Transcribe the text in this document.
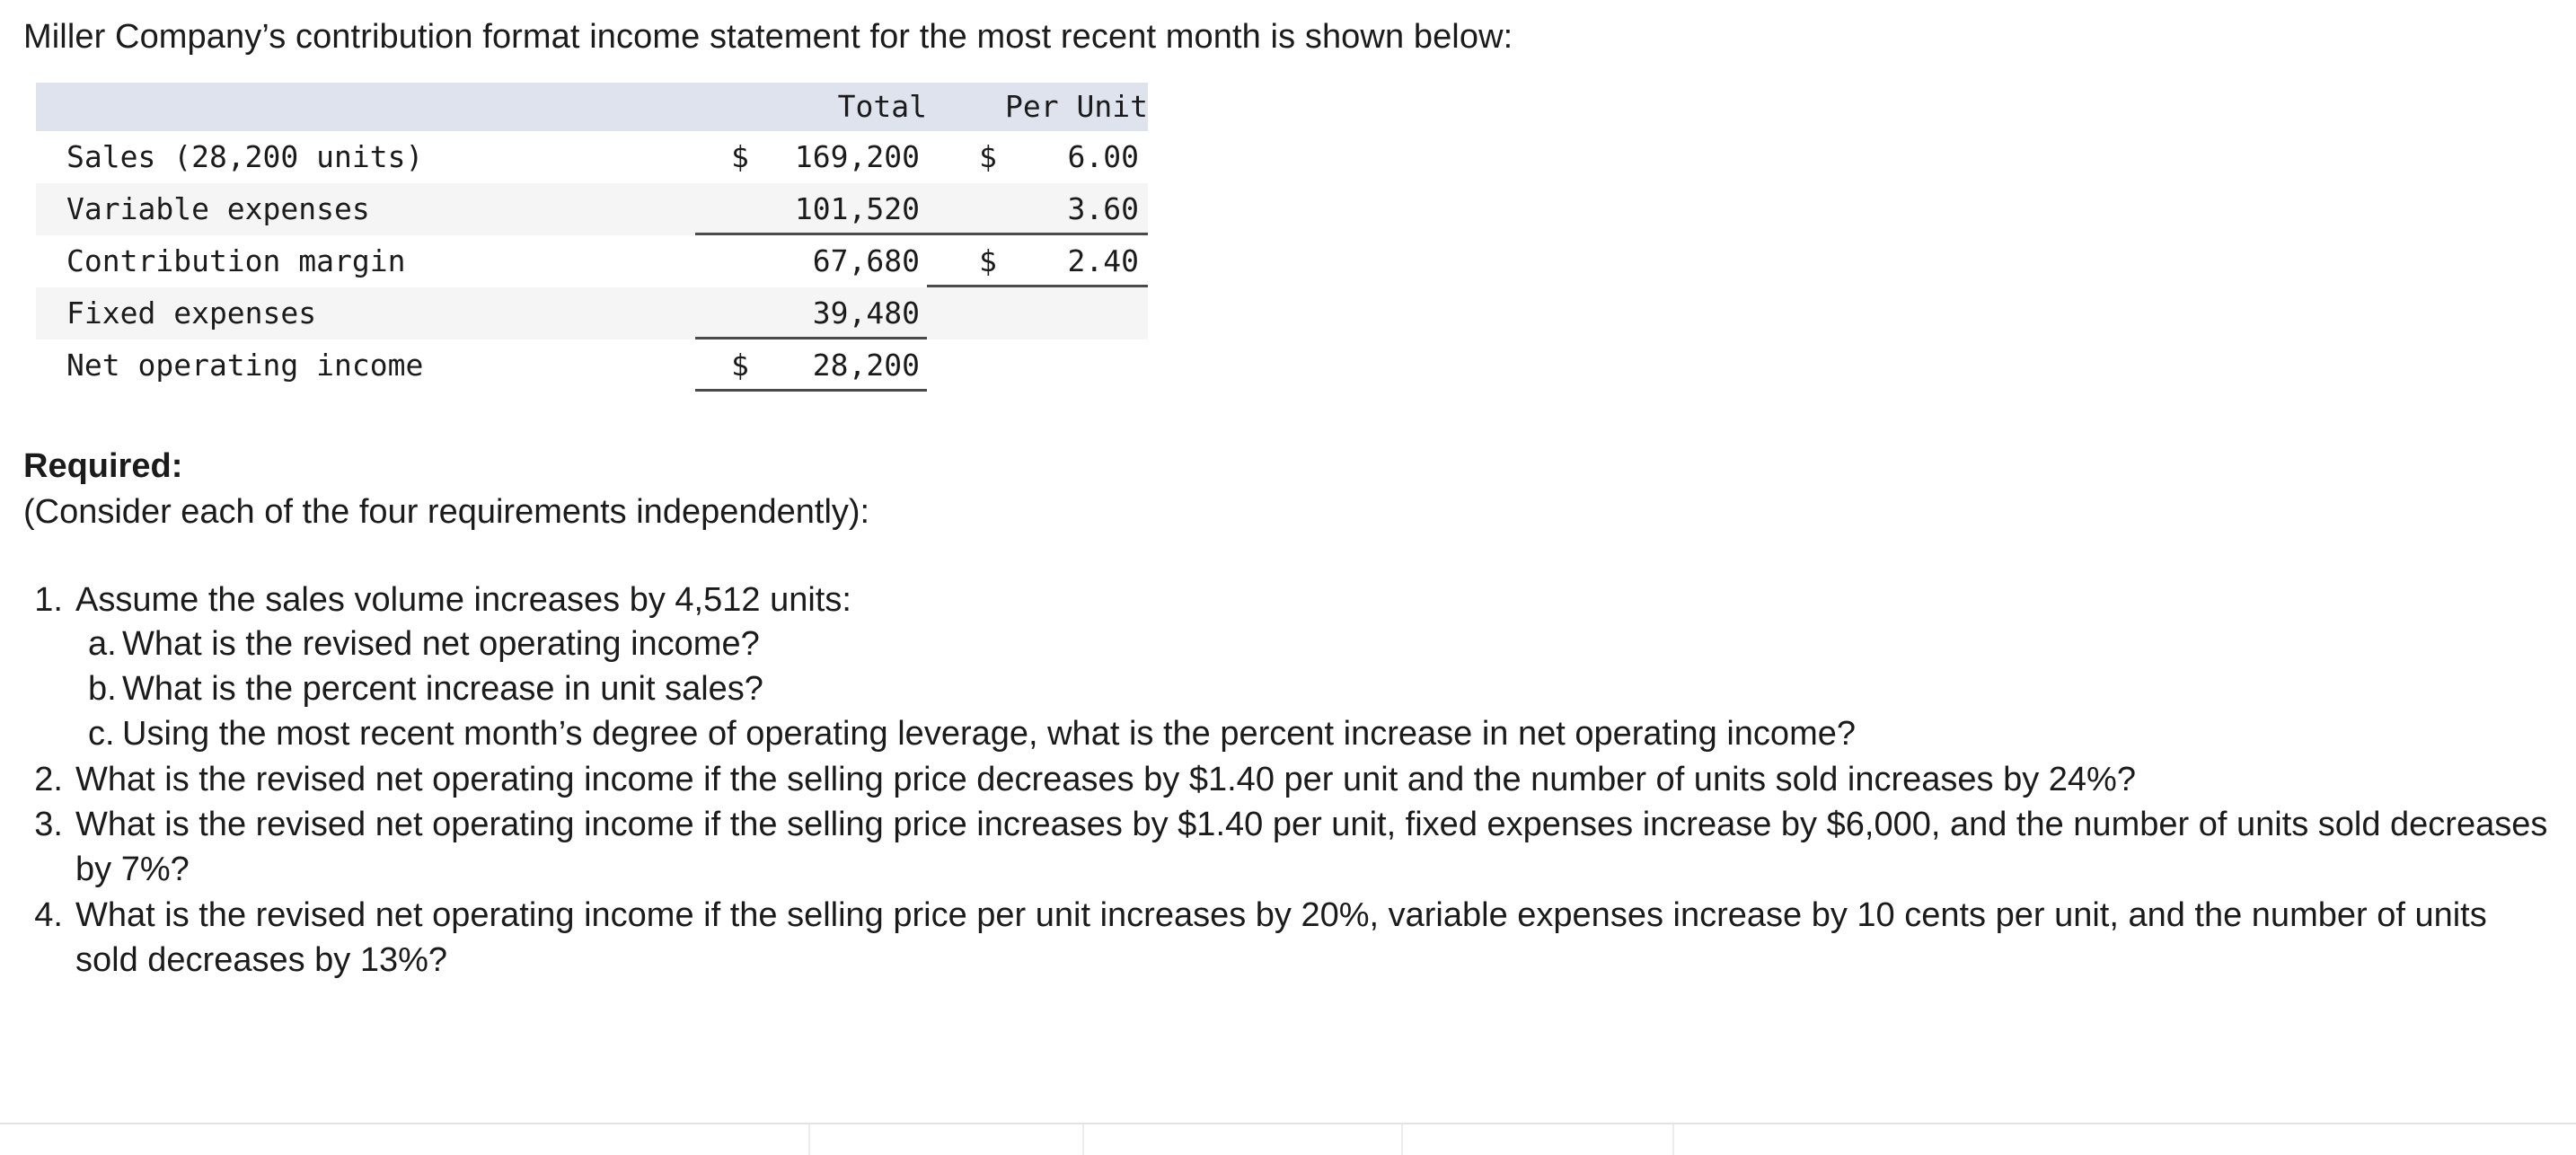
Miller Company’s contribution format income statement for the most recent month is shown below:

	Total	Per Unit
Sales (28,200 units)	$ 169,200	$ 6.00
Variable expenses	101,520	3.60
Contribution margin	67,680	$ 2.40
Fixed expenses	39,480	

Net operating income	$ 28,200	

Required:

(Consider each of the four requirements independently):

1. Assume the sales volume increases by 4,512 units:
a. What is the revised net operating income?
b. What is the percent increase in unit sales?
c. Using the most recent month’s degree of operating leverage, what is the percent increase in net operating income?
2. What is the revised net operating income if the selling price decreases by $1.40 per unit and the number of units sold increases by 24%?
3. What is the revised net operating income if the selling price increases by $1.40 per unit, fixed expenses increase by $6,000, and the number of units sold decreases by 7%?
4. What is the revised net operating income if the selling price per unit increases by 20%, variable expenses increase by 10 cents per unit, and the number of units sold decreases by 13%?
